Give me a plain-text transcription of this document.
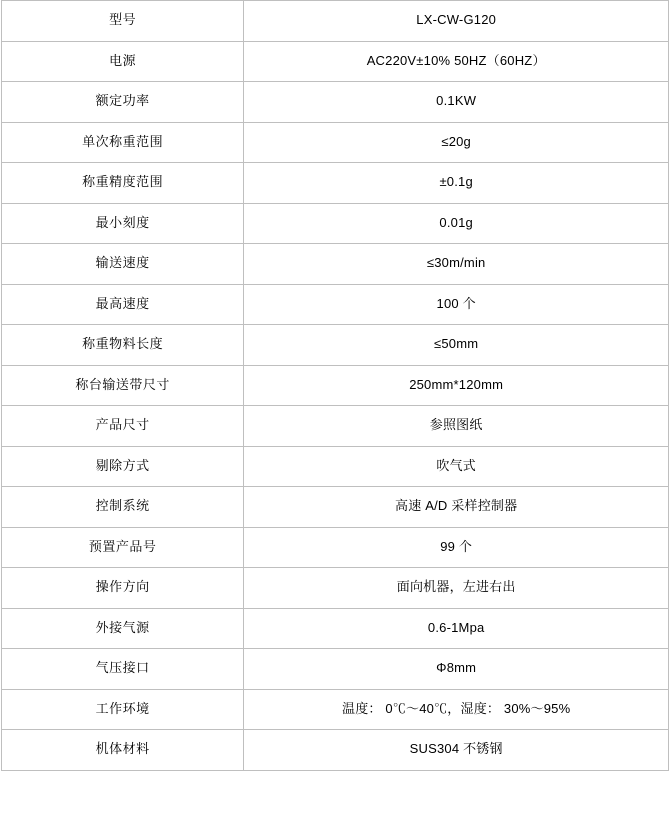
型号	LX-CW-G120
电源	AC220V±10% 50HZ（60HZ）
额定功率	0.1KW
单次称重范围	≤20g
称重精度范围	±0.1g
最小刻度	0.01g
输送速度	≤30m/min
最高速度	100 个
称重物料长度	≤50mm
称台输送带尺寸	250mm*120mm
产品尺寸	参照图纸
剔除方式	吹气式
控制系统	高速 A/D 采样控制器
预置产品号	99 个
操作方向	面向机器，左进右出
外接气源	0.6-1Mpa
气压接口	Φ8mm
工作环境	温度： 0℃～40℃，湿度： 30%～95%
机体材料	SUS304 不锈钢
